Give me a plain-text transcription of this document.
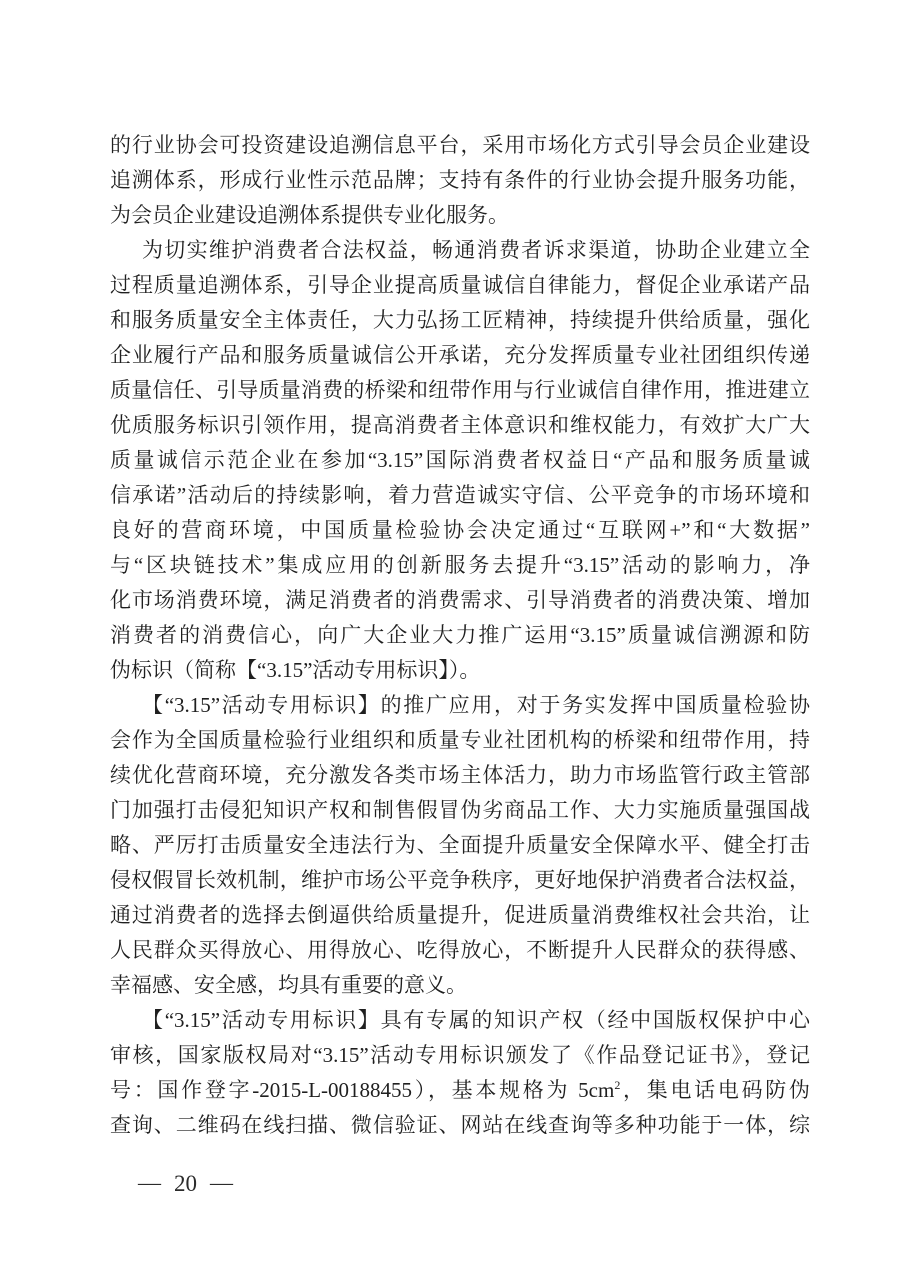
的行业协会可投资建设追溯信息平台，采用市场化方式引导会员企业建设
追溯体系，形成行业性示范品牌；支持有条件的行业协会提升服务功能，
为会员企业建设追溯体系提供专业化服务。
为切实维护消费者合法权益，畅通消费者诉求渠道，协助企业建立全
过程质量追溯体系，引导企业提高质量诚信自律能力，督促企业承诺产品
和服务质量安全主体责任，大力弘扬工匠精神，持续提升供给质量，强化
企业履行产品和服务质量诚信公开承诺，充分发挥质量专业社团组织传递
质量信任、引导质量消费的桥梁和纽带作用与行业诚信自律作用，推进建立
优质服务标识引领作用，提高消费者主体意识和维权能力，有效扩大广大
质量诚信示范企业在参加“3.15”国际消费者权益日“产品和服务质量诚
信承诺”活动后的持续影响，着力营造诚实守信、公平竞争的市场环境和
良好的营商环境，中国质量检验协会决定通过“互联网+”和“大数据”
与“区块链技术”集成应用的创新服务去提升“3.15”活动的影响力，净
化市场消费环境，满足消费者的消费需求、引导消费者的消费决策、增加
消费者的消费信心，向广大企业大力推广运用“3.15”质量诚信溯源和防
伪标识（简称【“3.15”活动专用标识】）。
【“3.15”活动专用标识】的推广应用，对于务实发挥中国质量检验协
会作为全国质量检验行业组织和质量专业社团机构的桥梁和纽带作用，持
续优化营商环境，充分激发各类市场主体活力，助力市场监管行政主管部
门加强打击侵犯知识产权和制售假冒伪劣商品工作、大力实施质量强国战
略、严厉打击质量安全违法行为、全面提升质量安全保障水平、健全打击
侵权假冒长效机制，维护市场公平竞争秩序，更好地保护消费者合法权益，
通过消费者的选择去倒逼供给质量提升，促进质量消费维权社会共治，让
人民群众买得放心、用得放心、吃得放心，不断提升人民群众的获得感、
幸福感、安全感，均具有重要的意义。
【“3.15”活动专用标识】具有专属的知识产权（经中国版权保护中心
审核，国家版权局对“3.15”活动专用标识颁发了《作品登记证书》，登记
号：国作登字-2015-L-00188455），基本规格为 $5cm^2$，集电话电码防伪
查询、二维码在线扫描、微信验证、网站在线查询等多种功能于一体，综
— 20 —
